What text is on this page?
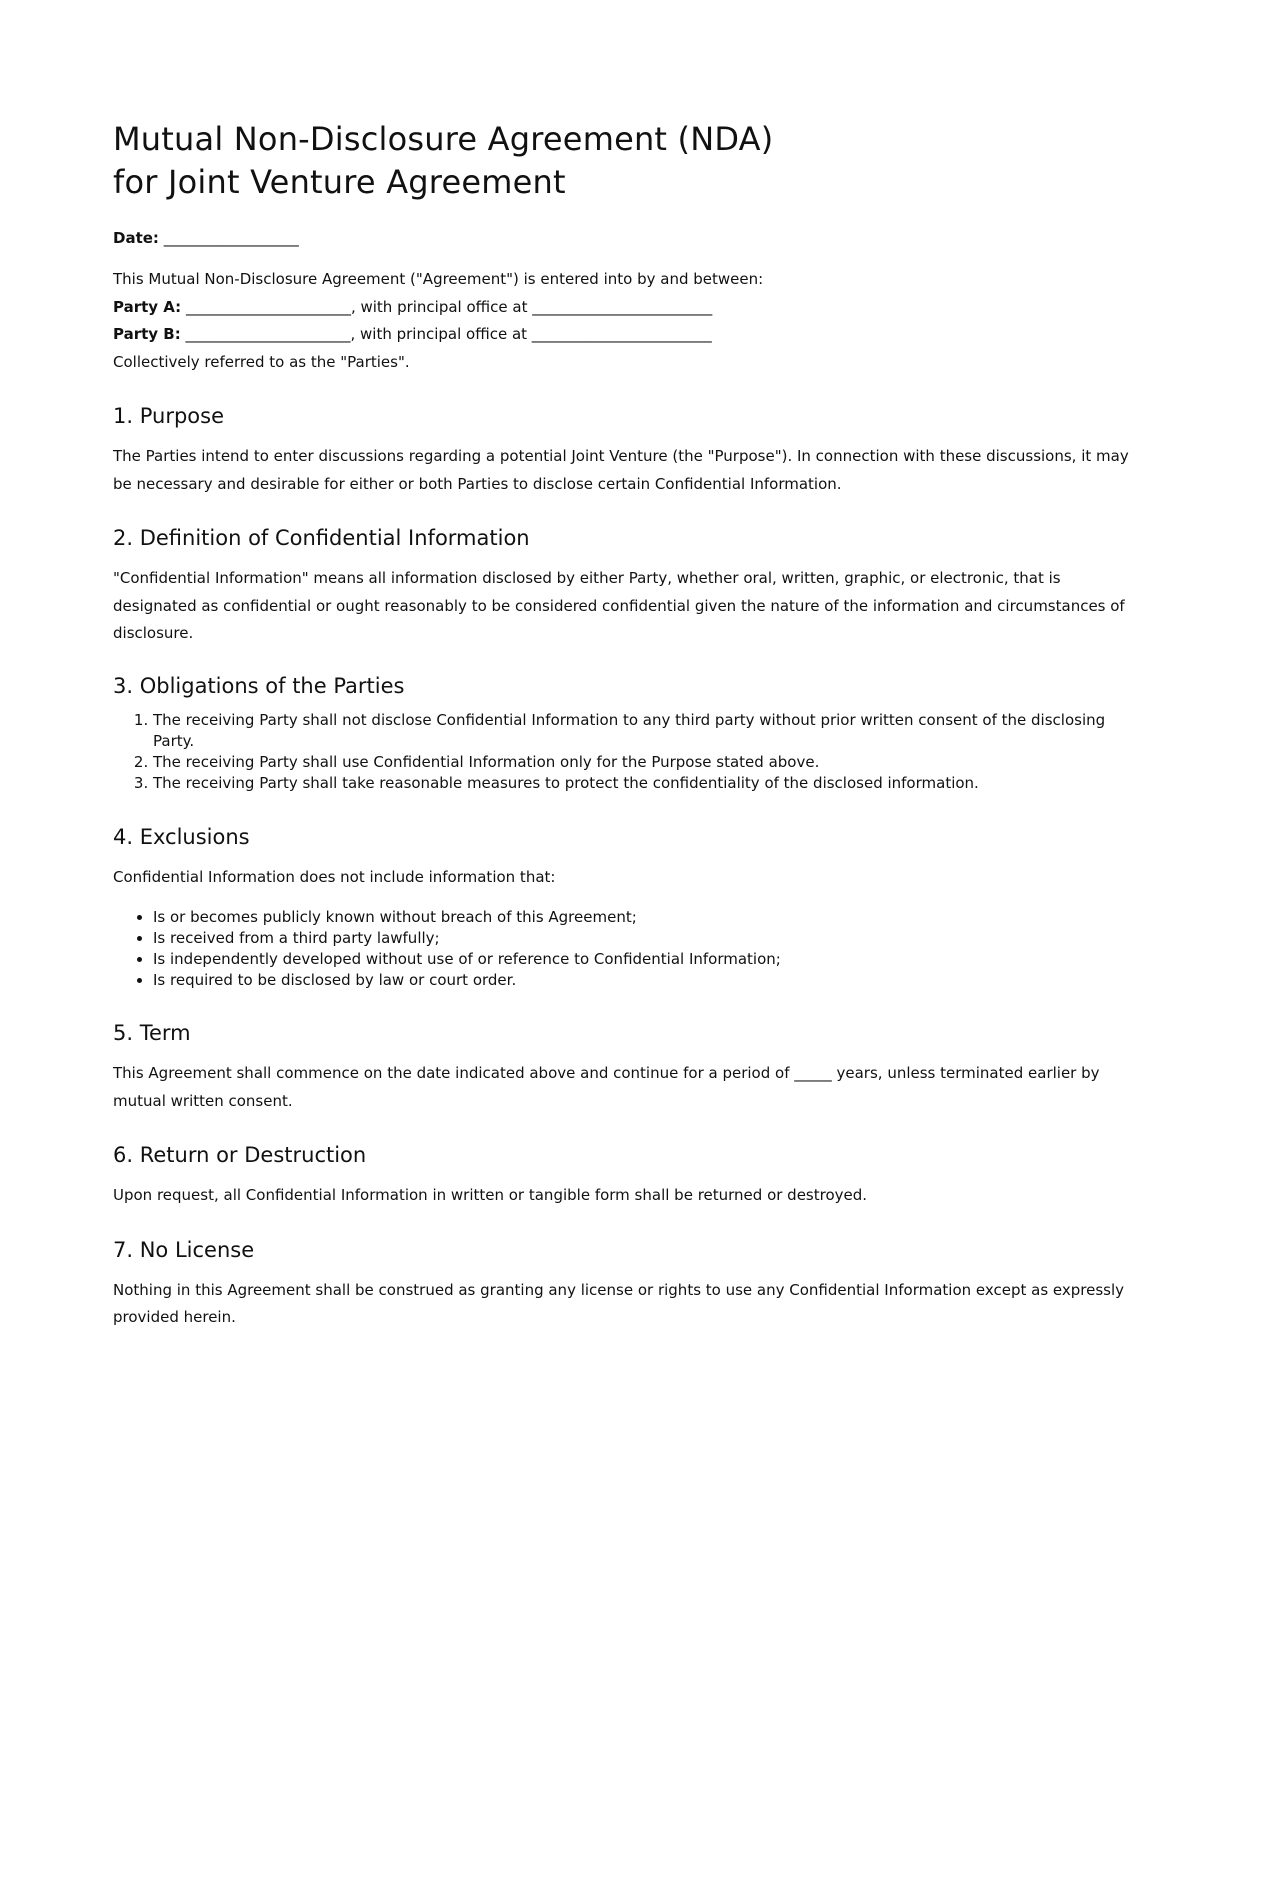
Mutual Non-Disclosure Agreement (NDA)
for Joint Venture Agreement
Date: __________________

This Mutual Non-Disclosure Agreement ("Agreement") is entered into by and between:

Party A: ______________________, with principal office at ________________________

Party B: ______________________, with principal office at ________________________

Collectively referred to as the "Parties".

1. Purpose

The Parties intend to enter discussions regarding a potential Joint Venture (the "Purpose"). In connection with these discussions, it may be necessary and desirable for either or both Parties to disclose certain Confidential Information.

2. Definition of Confidential Information

"Confidential Information" means all information disclosed by either Party, whether oral, written, graphic, or electronic, that is designated as confidential or ought reasonably to be considered confidential given the nature of the information and circumstances of disclosure.

3. Obligations of the Parties
1. The receiving Party shall not disclose Confidential Information to any third party without prior written consent of the disclosing Party.
2. The receiving Party shall use Confidential Information only for the Purpose stated above.
3. The receiving Party shall take reasonable measures to protect the confidentiality of the disclosed information.
4. Exclusions

Confidential Information does not include information that:

• Is or becomes publicly known without breach of this Agreement;
• Is received from a third party lawfully;
• Is independently developed without use of or reference to Confidential Information;
• Is required to be disclosed by law or court order.
5. Term

This Agreement shall commence on the date indicated above and continue for a period of _____ years, unless terminated earlier by mutual written consent.

6. Return or Destruction

Upon request, all Confidential Information in written or tangible form shall be returned or destroyed.

7. No License

Nothing in this Agreement shall be construed as granting any license or rights to use any Confidential Information except as expressly provided herein.
